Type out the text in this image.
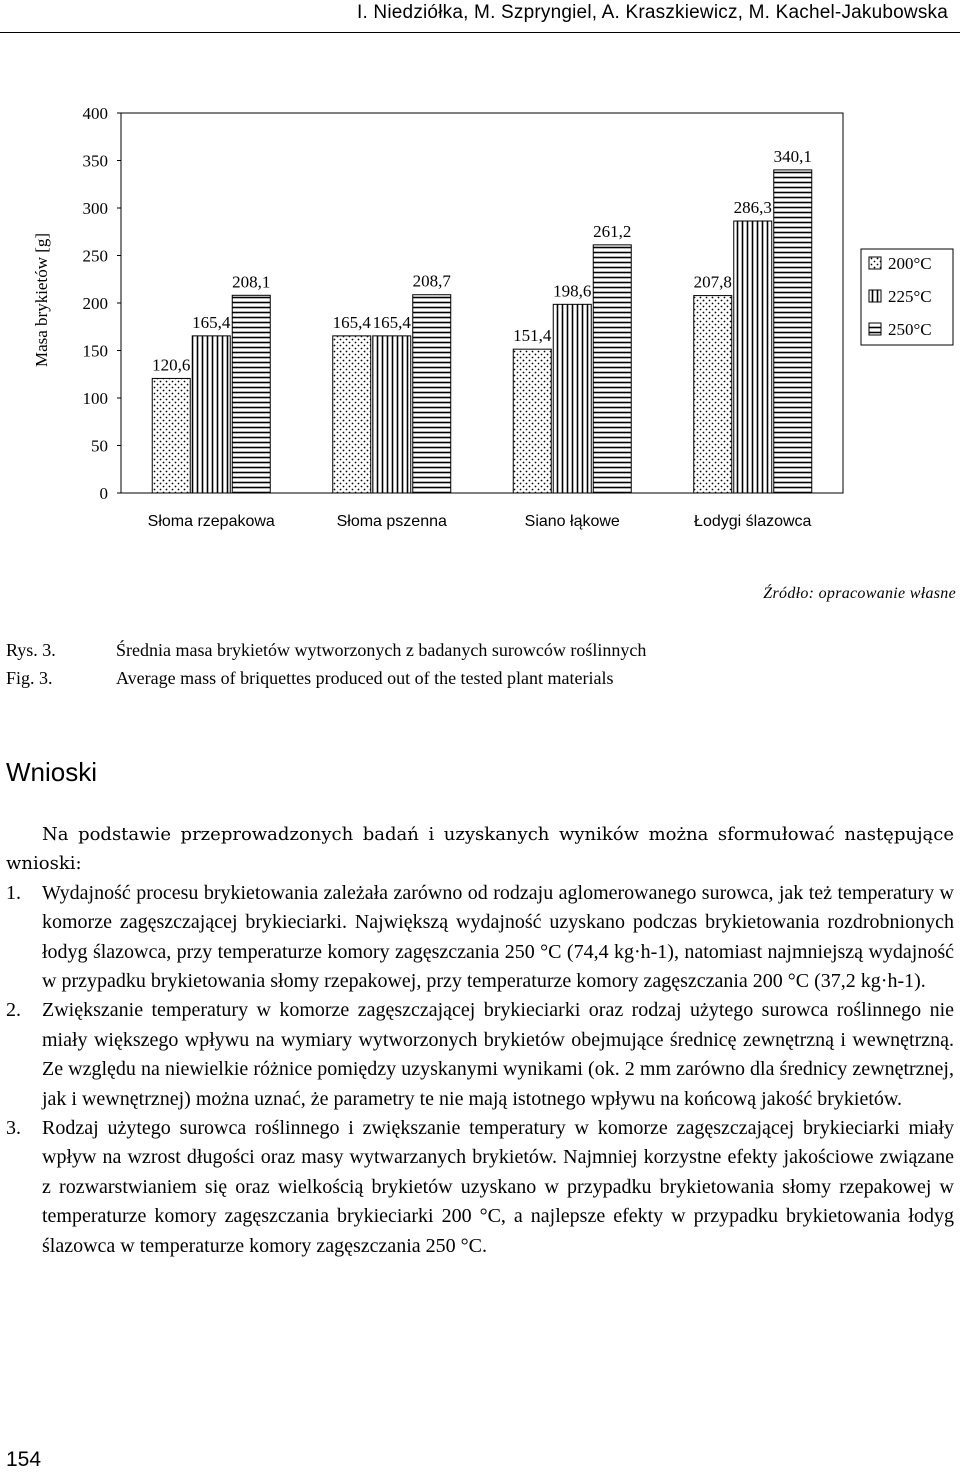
I. Niedziółka, M. Szpryngiel, A. Kraszkiewicz, M. Kachel-Jakubowska
Masa brykietów [g]
0
50
100
150
200
250
300
350
400
120,6
165,4
208,1
Słoma rzepakowa
165,4 165,4
208,7
Słoma pszenna
151,4
198,6
261,2
Siano łąkowe
207,8
286,3
340,1
Łodygi ślazowca
200°C
225°C
250°C
Źródło: opracowanie własne
Rys. 3.	Średnia masa brykietów wytworzonych z badanych surowców roślinnych
Fig. 3.	Average mass of briquettes produced out of the tested plant materials
Wnioski
Na podstawie przeprowadzonych badań i uzyskanych wyników można sformułować następujące wnioski:
1.	Wydajność procesu brykietowania zależała zarówno od rodzaju aglomerowanego surowca, jak też temperatury w komorze zagęszczającej brykieciarki. Największą wydajność uzyskano podczas brykietowania rozdrobnionych łodyg ślazowca, przy temperaturze komory zagęszczania 250 °C (74,4 kg·h-1), natomiast najmniejszą wydajność w przypadku brykietowania słomy rzepakowej, przy temperaturze komory zagęszczania 200 °C (37,2 kg·h-1).
2.	Zwiększanie temperatury w komorze zagęszczającej brykieciarki oraz rodzaj użytego surowca roślinnego nie miały większego wpływu na wymiary wytworzonych brykietów obejmujące średnicę zewnętrzną i wewnętrzną. Ze względu na niewielkie różnice pomiędzy uzyskanymi wynikami (ok. 2 mm zarówno dla średnicy zewnętrznej, jak i wewnętrznej) można uznać, że parametry te nie mają istotnego wpływu na końcową jakość brykietów.
3.	Rodzaj użytego surowca roślinnego i zwiększanie temperatury w komorze zagęszczającej brykieciarki miały wpływ na wzrost długości oraz masy wytwarzanych brykietów. Najmniej korzystne efekty jakościowe związane z rozwarstwianiem się oraz wielkością brykietów uzyskano w przypadku brykietowania słomy rzepakowej w temperaturze komory zagęszczania brykieciarki 200 °C, a najlepsze efekty w przypadku brykietowania łodyg ślazowca w temperaturze komory zagęszczania 250 °C.
154
